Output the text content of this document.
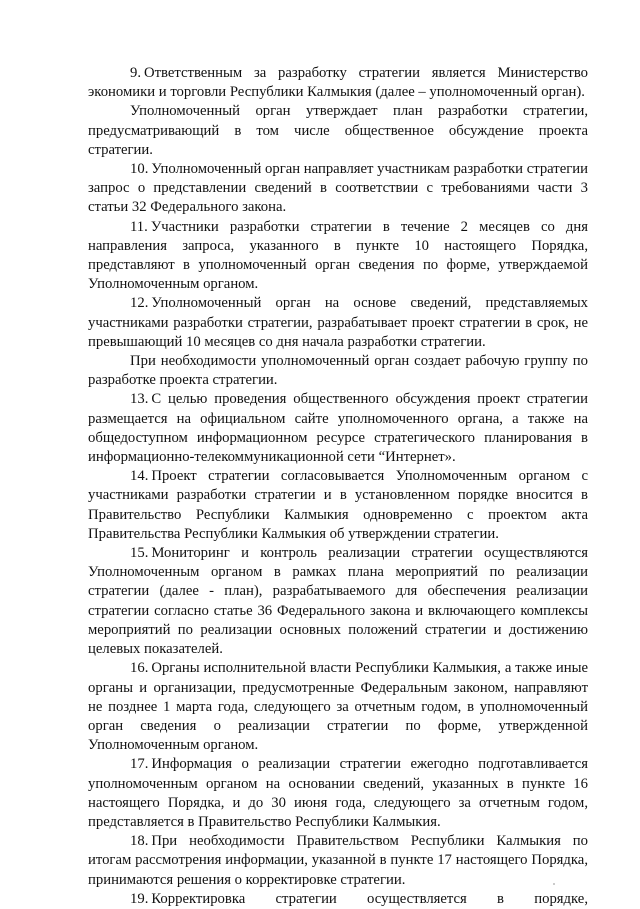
9. Ответственным за разработку стратегии является Министерство экономики и торговли Республики Калмыкия (далее – уполномоченный орган).

Уполномоченный орган утверждает план разработки стратегии, предусматривающий в том числе общественное обсуждение проекта стратегии.

10. Уполномоченный орган направляет участникам разработки стратегии запрос о представлении сведений в соответствии с требованиями части 3 статьи 32 Федерального закона.

11. Участники разработки стратегии в течение 2 месяцев со дня направления запроса, указанного в пункте 10 настоящего Порядка, представляют в уполномоченный орган сведения по форме, утверждаемой Уполномоченным органом.

12. Уполномоченный орган на основе сведений, представляемых участниками разработки стратегии, разрабатывает проект стратегии в срок, не превышающий 10 месяцев со дня начала разработки стратегии.

При необходимости уполномоченный орган создает рабочую группу по разработке проекта стратегии.

13. С целью проведения общественного обсуждения проект стратегии размещается на официальном сайте уполномоченного органа, а также на общедоступном информационном ресурсе стратегического планирования в информационно-телекоммуникационной сети “Интернет».

14. Проект стратегии согласовывается Уполномоченным органом с участниками разработки стратегии и в установленном порядке вносится в Правительство Республики Калмыкия одновременно с проектом акта Правительства Республики Калмыкия об утверждении стратегии.

15. Мониторинг и контроль реализации стратегии осуществляются Уполномоченным органом в рамках плана мероприятий по реализации стратегии (далее - план), разрабатываемого для обеспечения реализации стратегии согласно статье 36 Федерального закона и включающего комплексы мероприятий по реализации основных положений стратегии и достижению целевых показателей.

16. Органы исполнительной власти Республики Калмыкия, а также иные органы и организации, предусмотренные Федеральным законом, направляют не позднее 1 марта года, следующего за отчетным годом, в уполномоченный орган сведения о реализации стратегии по форме, утвержденной Уполномоченным органом.

17. Информация о реализации стратегии ежегодно подготавливается уполномоченным органом на основании сведений, указанных в пункте 16 настоящего Порядка, и до 30 июня года, следующего за отчетным годом, представляется в Правительство Республики Калмыкия.

18. При необходимости Правительством Республики Калмыкия по итогам рассмотрения информации, указанной в пункте 17 настоящего Порядка, принимаются решения о корректировке стратегии.

19. Корректировка стратегии осуществляется в порядке,
